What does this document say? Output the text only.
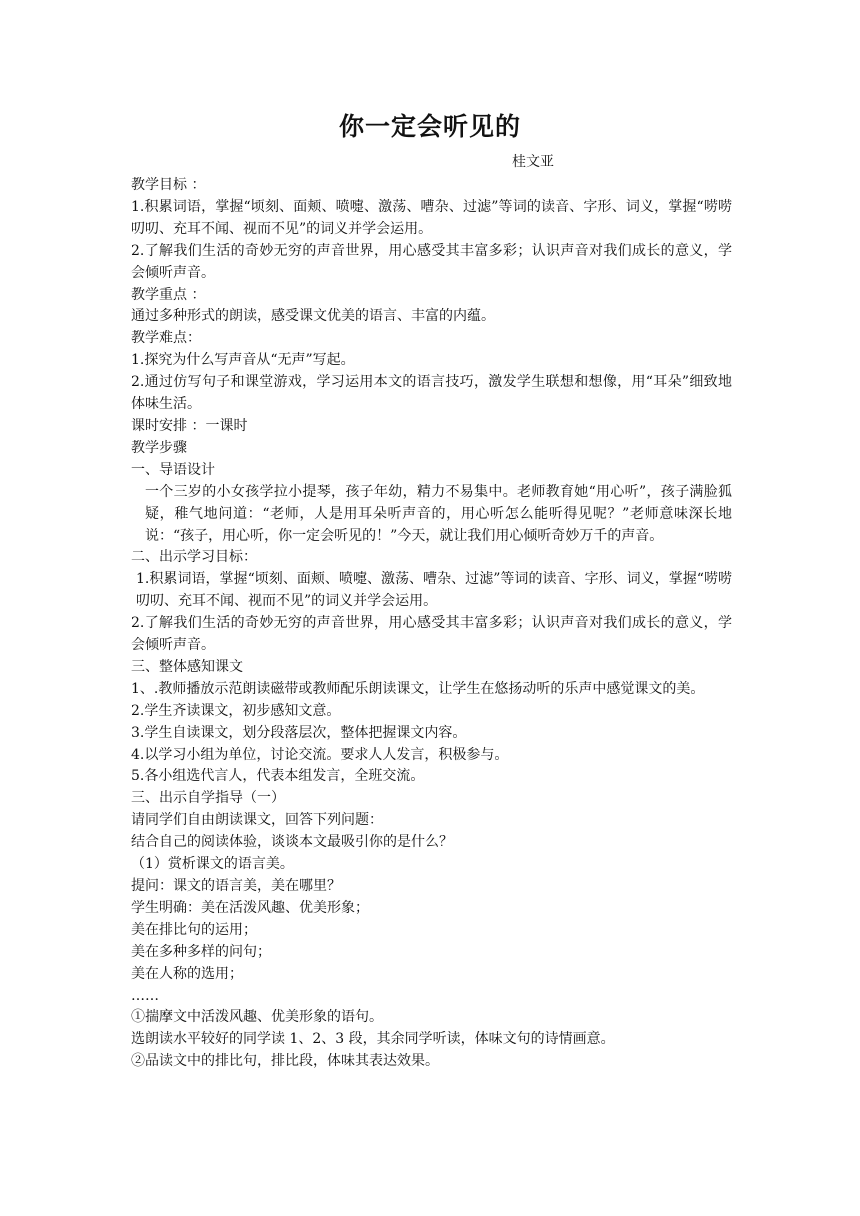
你一定会听见的
桂文亚

教学目标 ：

1.积累词语，掌握“顷刻、面颊、喷嚏、激荡、嘈杂、过滤”等词的读音、字形、词义，掌握“唠唠叨叨、充耳不闻、视而不见”的词义并学会运用。

2.了解我们生活的奇妙无穷的声音世界，用心感受其丰富多彩；认识声音对我们成长的意义，学会倾听声音。

教学重点 ：

通过多种形式的朗读，感受课文优美的语言、丰富的内蕴。

教学难点：

1.探究为什么写声音从“无声”写起。

2.通过仿写句子和课堂游戏，学习运用本文的语言技巧，激发学生联想和想像，用“耳朵”细致地体味生活。

课时安排 ：一课时

教学步骤

一、导语设计

一个三岁的小女孩学拉小提琴，孩子年幼，精力不易集中。老师教育她“用心听”，孩子满脸狐疑，稚气地问道：“老师，人是用耳朵听声音的，用心听怎么能听得见呢？”老师意味深长地说：“孩子，用心听，你一定会听见的！”今天，就让我们用心倾听奇妙万千的声音。

二、出示学习目标：

1.积累词语，掌握“顷刻、面颊、喷嚏、激荡、嘈杂、过滤”等词的读音、字形、词义，掌握“唠唠叨叨、充耳不闻、视而不见”的词义并学会运用。

2.了解我们生活的奇妙无穷的声音世界，用心感受其丰富多彩；认识声音对我们成长的意义，学会倾听声音。

三、整体感知课文

1、.教师播放示范朗读磁带或教师配乐朗读课文，让学生在悠扬动听的乐声中感觉课文的美。

2.学生齐读课文，初步感知文意。

3.学生自读课文，划分段落层次，整体把握课文内容。

4.以学习小组为单位，讨论交流。要求人人发言，积极参与。

5.各小组选代言人，代表本组发言，全班交流。

三、出示自学指导（一）

请同学们自由朗读课文，回答下列问题：

结合自己的阅读体验，谈谈本文最吸引你的是什么？

（1）赏析课文的语言美。

提问：课文的语言美，美在哪里？

学生明确：美在活泼风趣、优美形象；

美在排比句的运用；

美在多种多样的问句；

美在人称的选用；

……

①揣摩文中活泼风趣、优美形象的语句。

选朗读水平较好的同学读 1、2、3 段，其余同学听读，体味文句的诗情画意。

②品读文中的排比句，排比段，体味其表达效果。
